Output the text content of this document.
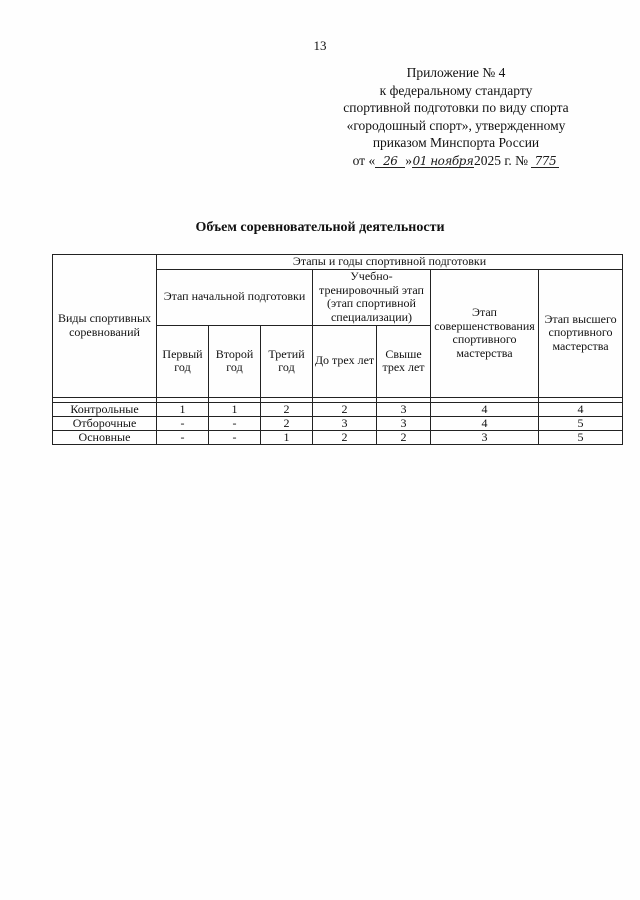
13
Приложение № 4
к федеральному стандарту
спортивной подготовки по виду спорта
«городошный спорт», утвержденному
приказом Минспорта России
от « 26 »01 ноября2025 г. № 775
Объем соревновательной деятельности
Виды спортивных соревнований	Этапы и годы спортивной подготовки						
	Этап начальной подготовки			Учебно-тренировочный этап (этап спортивной специализации)		Этап совершенствования спортивного мастерства	Этап высшего спортивного мастерства
	Первый год	Второй год	Третий год	До трех лет	Свыше трех лет		

Контрольные	1	1	2	2	3	4	4
Отборочные	-	-	2	3	3	4	5
Основные	-	-	1	2	2	3	5
